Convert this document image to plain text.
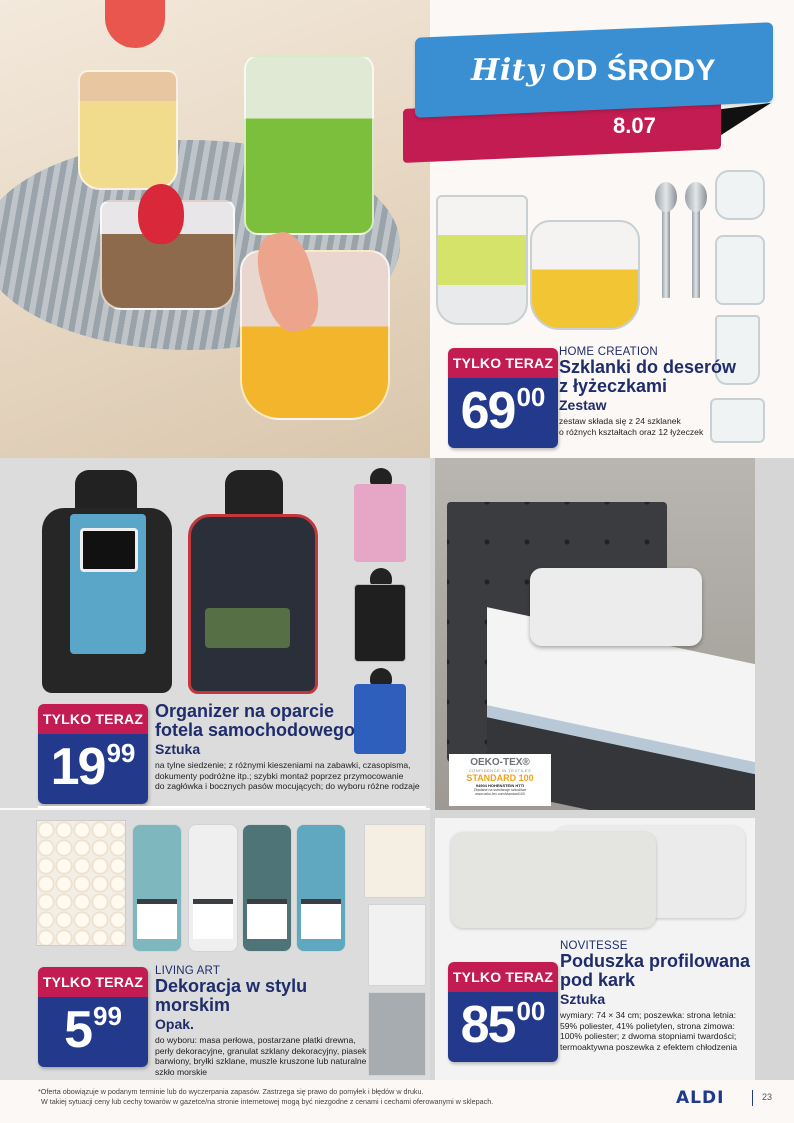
8.07
Hity OD ŚRODY
TYLKO TERAZ
69 00
HOME CREATION
Szklanki do deserów
z łyżeczkami
Zestaw
zestaw składa się z 24 szklanek
o różnych kształtach oraz 12 łyżeczek
TYLKO TERAZ
19 99
Organizer na oparcie
fotela samochodowego
Sztuka
na tylne siedzenie; z różnymi kieszeniami na zabawki, czasopisma,
dokumenty podróżne itp.; szybki montaż poprzez przymocowanie
do zagłówka i bocznych pasów mocujących; do wyboru różne rodzaje
OEKO-TEX®
CONFIDENCE IN TEXTILES
STANDARD 100
94904 HOHENSTEIN HTTI
Zbadane na substancje szkodliwe
www.oeko-tex.com/standard100
TYLKO TERAZ
5 99
LIVING ART
Dekoracja w stylu morskim
Opak.
do wyboru: masa perłowa, postarzane płatki drewna,
perły dekoracyjne, granulat szklany dekoracyjny, piasek
barwiony, bryłki szklane, muszle kruszone lub naturalne
szkło morskie
TYLKO TERAZ
85 00
NOVITESSE
Poduszka profilowana
pod kark
Sztuka
wymiary: 74 × 34 cm; poszewka: strona letnia:
59% poliester, 41% polietylen, strona zimowa:
100% poliester; z dwoma stopniami twardości;
termoaktywna poszewka z efektem chłodzenia
*Oferta obowiązuje w podanym terminie lub do wyczerpania zapasów. Zastrzega się prawo do pomyłek i błędów w druku.
W takiej sytuacji ceny lub cechy towarów w gazetce/na stronie internetowej mogą być niezgodne z cenami i cechami oferowanymi w sklepach.	ALDI	23
